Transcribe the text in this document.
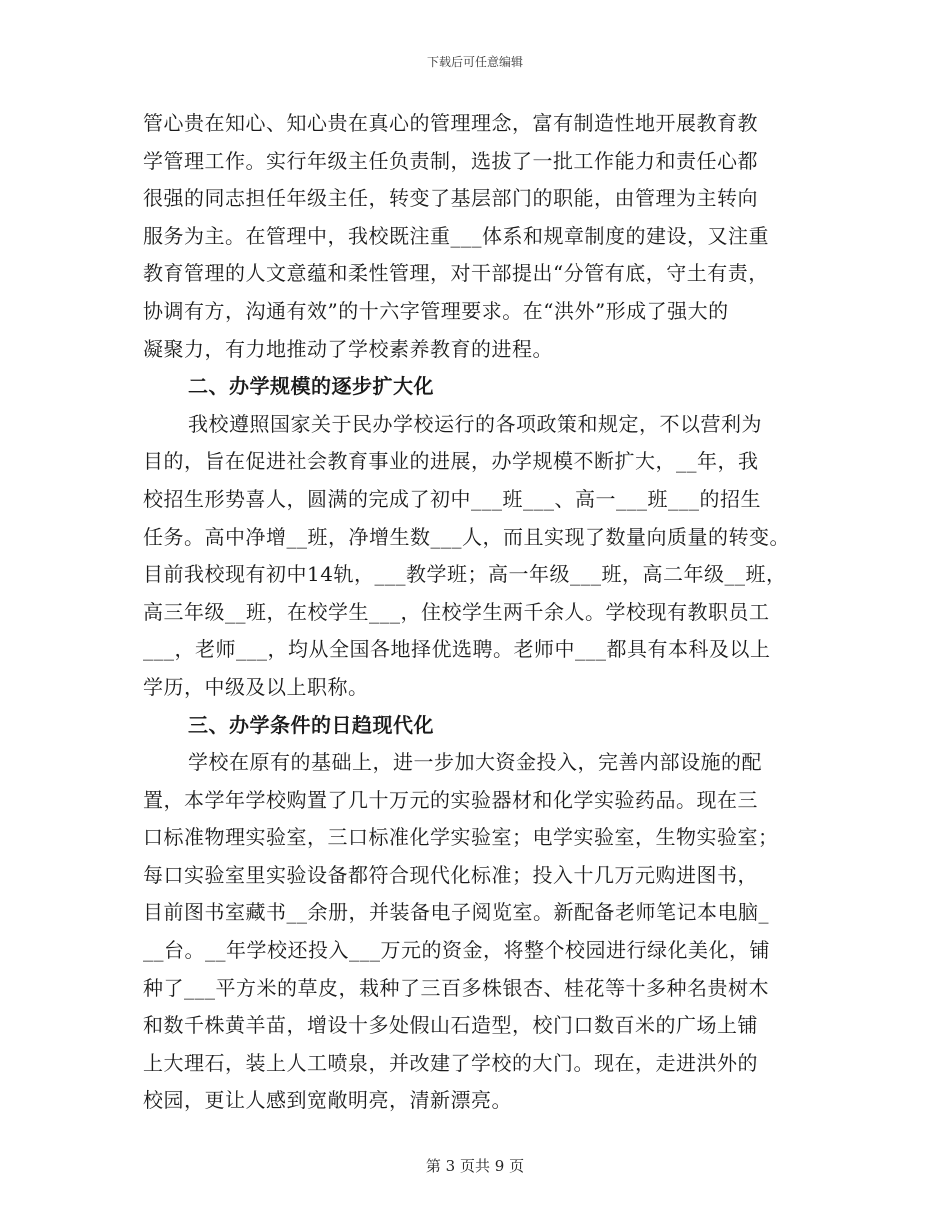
下载后可任意编辑
管心贵在知心、知心贵在真心的管理理念，富有制造性地开展教育教
学管理工作。实行年级主任负责制，选拔了一批工作能力和责任心都
很强的同志担任年级主任，转变了基层部门的职能，由管理为主转向
服务为主。在管理中，我校既注重___体系和规章制度的建设，又注重
教育管理的人文意蕴和柔性管理，对干部提出“分管有底，守土有责，
协调有方，沟通有效”的十六字管理要求。在“洪外”形成了强大的
凝聚力，有力地推动了学校素养教育的进程。
二、办学规模的逐步扩大化
我校遵照国家关于民办学校运行的各项政策和规定，不以营利为
目的，旨在促进社会教育事业的进展，办学规模不断扩大，__年，我
校招生形势喜人，圆满的完成了初中___班___、高一___班___的招生
任务。高中净增__班，净增生数___人，而且实现了数量向质量的转变。
目前我校现有初中14轨，___教学班；高一年级___班，高二年级__班，
高三年级__班，在校学生___，住校学生两千余人。学校现有教职员工
___，老师___，均从全国各地择优选聘。老师中___都具有本科及以上
学历，中级及以上职称。
三、办学条件的日趋现代化
学校在原有的基础上，进一步加大资金投入，完善内部设施的配
置，本学年学校购置了几十万元的实验器材和化学实验药品。现在三
口标准物理实验室，三口标准化学实验室；电学实验室，生物实验室；
每口实验室里实验设备都符合现代化标准；投入十几万元购进图书，
目前图书室藏书__余册，并装备电子阅览室。新配备老师笔记本电脑_
__台。__年学校还投入___万元的资金，将整个校园进行绿化美化，铺
种了___平方米的草皮，栽种了三百多株银杏、桂花等十多种名贵树木
和数千株黄羊苗，增设十多处假山石造型，校门口数百米的广场上铺
上大理石，装上人工喷泉，并改建了学校的大门。现在，走进洪外的
校园，更让人感到宽敞明亮，清新漂亮。
第 3 页共 9 页
